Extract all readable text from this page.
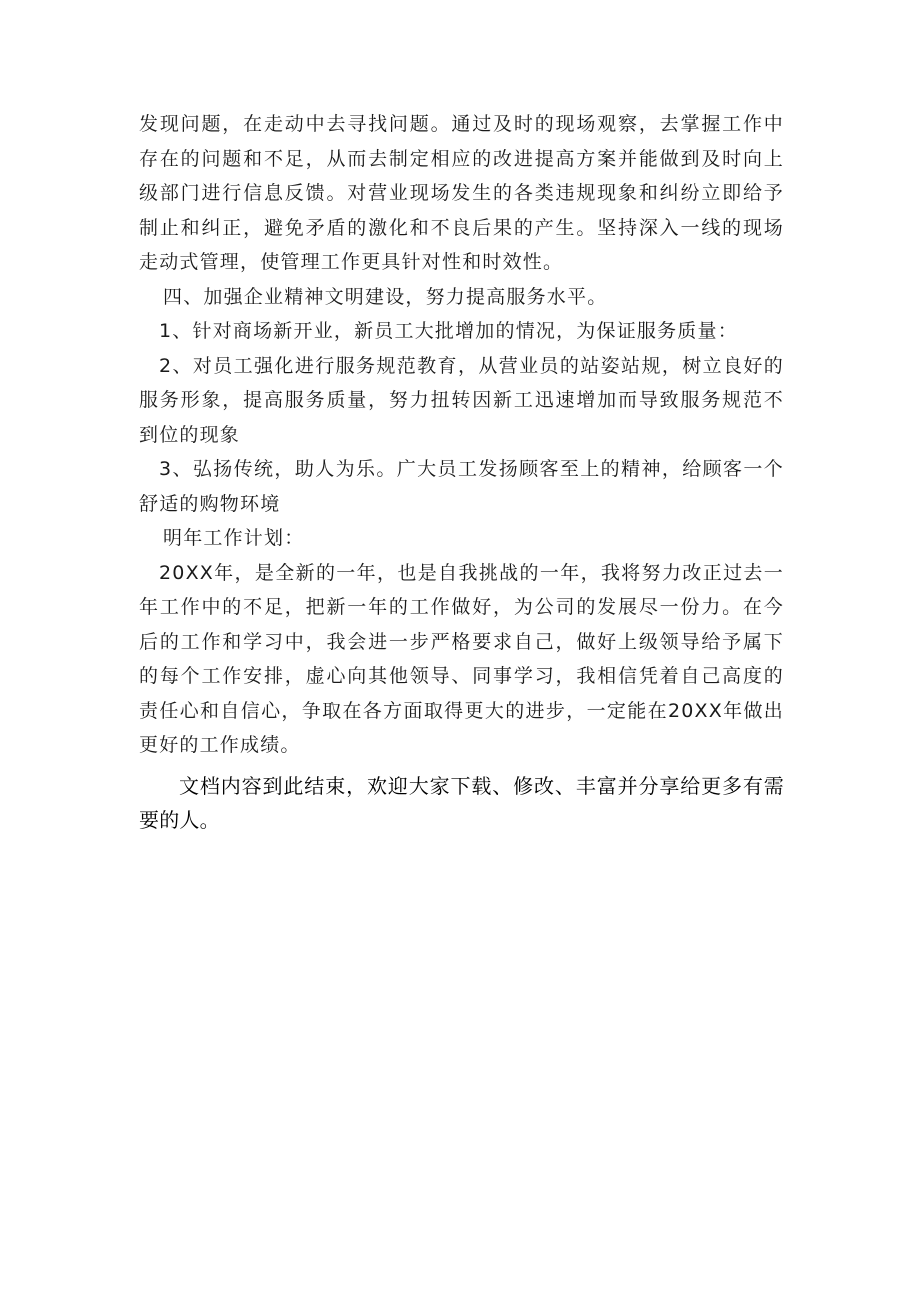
发现问题，在走动中去寻找问题。通过及时的现场观察，去掌握工作中存在的问题和不足，从而去制定相应的改进提高方案并能做到及时向上级部门进行信息反馈。对营业现场发生的各类违规现象和纠纷立即给予制止和纠正，避免矛盾的激化和不良后果的产生。坚持深入一线的现场走动式管理，使管理工作更具针对性和时效性。

四、加强企业精神文明建设，努力提高服务水平。

1、针对商场新开业，新员工大批增加的情况，为保证服务质量：

2、对员工强化进行服务规范教育，从营业员的站姿站规，树立良好的服务形象，提高服务质量，努力扭转因新工迅速增加而导致服务规范不到位的现象

3、弘扬传统，助人为乐。广大员工发扬顾客至上的精神，给顾客一个舒适的购物环境

明年工作计划：

20XX年，是全新的一年，也是自我挑战的一年，我将努力改正过去一年工作中的不足，把新一年的工作做好，为公司的发展尽一份力。在今后的工作和学习中，我会进一步严格要求自己，做好上级领导给予属下的每个工作安排，虚心向其他领导、同事学习，我相信凭着自己高度的责任心和自信心，争取在各方面取得更大的进步，一定能在20XX年做出更好的工作成绩。

文档内容到此结束，欢迎大家下载、修改、丰富并分享给更多有需要的人。
